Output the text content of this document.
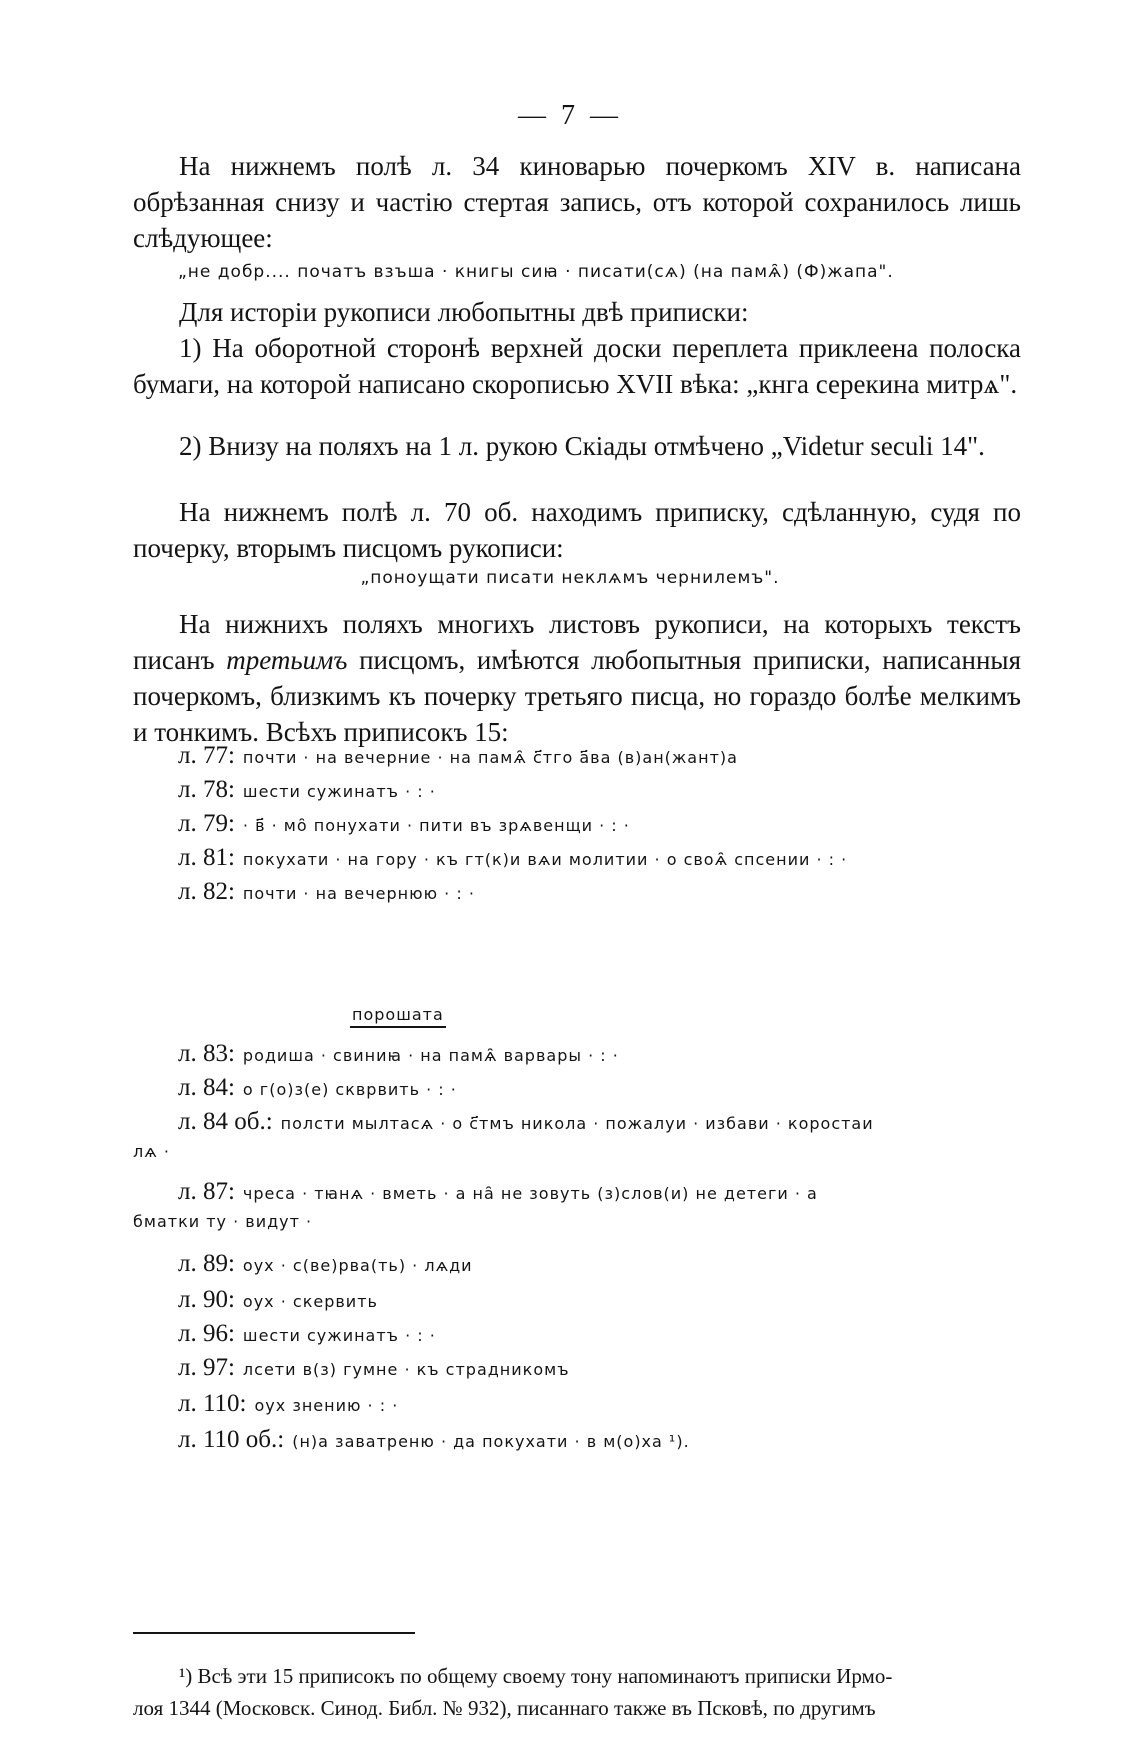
— 7 —

На нижнемъ полѣ л. 34 киноварью почеркомъ XIV в. написана обрѣзанная снизу и частію стертая запись, отъ которой сохранилось лишь слѣдующее:

„не добр.... початъ взъша · книгы сиꙗ · писати(сѧ) (на памѧ̑) (Ф)жапа".

Для исторіи рукописи любопытны двѣ приписки:

1) На оборотной сторонѣ верхней доски переплета приклеена полоска бумаги, на которой написано скорописью XVII вѣка: „кнга серекина митрѧ".

2) Внизу на поляхъ на 1 л. рукою Скіады отмѣчено „Videtur seculi 14".

На нижнемъ полѣ л. 70 об. находимъ приписку, сдѣланную, судя по почерку, вторымъ писцомъ рукописи:

„поноущати писати неклѧмъ чернилемъ".

На нижнихъ поляхъ многихъ листовъ рукописи, на которыхъ текстъ писанъ третьимъ писцомъ, имѣются любопытныя приписки, написанныя почеркомъ, близкимъ къ почерку третьяго писца, но гораздо болѣе мелкимъ и тонкимъ. Всѣхъ приписокъ 15:

л. 77: почти · на вечерние · на памѧ̑ с҃тго а҃ва (в)ан(жант)а
л. 78: шести сужинатъ · : ·
л. 79: · в҃ · мо̑ понухати · пити въ зрѧвенщи · : ·
л. 81: покухати · на гору · къ гт(к)и вѧи молитии · о своѧ̑ спсении · : ·
л. 82: почти · на вечернюю · : ·
порошата
л. 83: родиша · свиниꙗ · на памѧ̑ варвары · : ·
л. 84: о г(о)з(е) скврвить · : ·
л. 84 об.: полсти мылтасѧ · о с҃тмъ никола · пожалуи · избави · коростаи
лѧ ·
л. 87: чреса · тꙗнѧ · вметь · а на̑ не зовуть (з)слов(и) не детеги · а
бматки ту · видут ·
л. 89: оух · с(ве)рва(ть) · лѧди
л. 90: оух · скервить
л. 96: шести сужинатъ · : ·
л. 97: лсети в(з) гумне · къ страдникомъ
л. 110: оух знению · : ·
л. 110 об.: (н)а заватреню · да покухати · в м(о)ха ¹).
¹) Всѣ эти 15 приписокъ по общему своему тону напоминаютъ приписки Ирмо-
лоя 1344 (Московск. Синод. Библ. № 932), писаннаго также въ Псковѣ, по другимъ
